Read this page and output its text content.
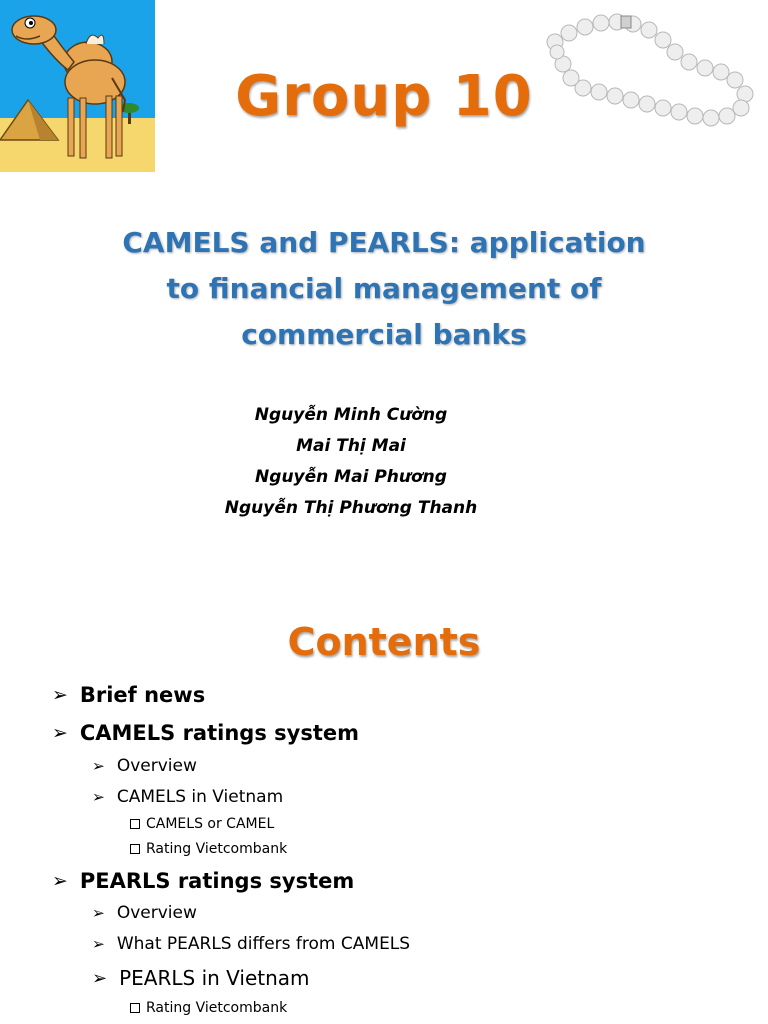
Group 10
CAMELS and PEARLS: application
to financial management of
commercial banks
Nguyễn Minh Cường
Mai Thị Mai
Nguyễn Mai Phương
Nguyễn Thị Phương Thanh
Contents
➢ Brief news
➢ CAMELS ratings system
➢ Overview
➢ CAMELS in Vietnam
CAMELS or CAMEL
Rating Vietcombank
➢ PEARLS ratings system
➢ Overview
➢ What PEARLS differs from CAMELS
➢ PEARLS in Vietnam
Rating Vietcombank
